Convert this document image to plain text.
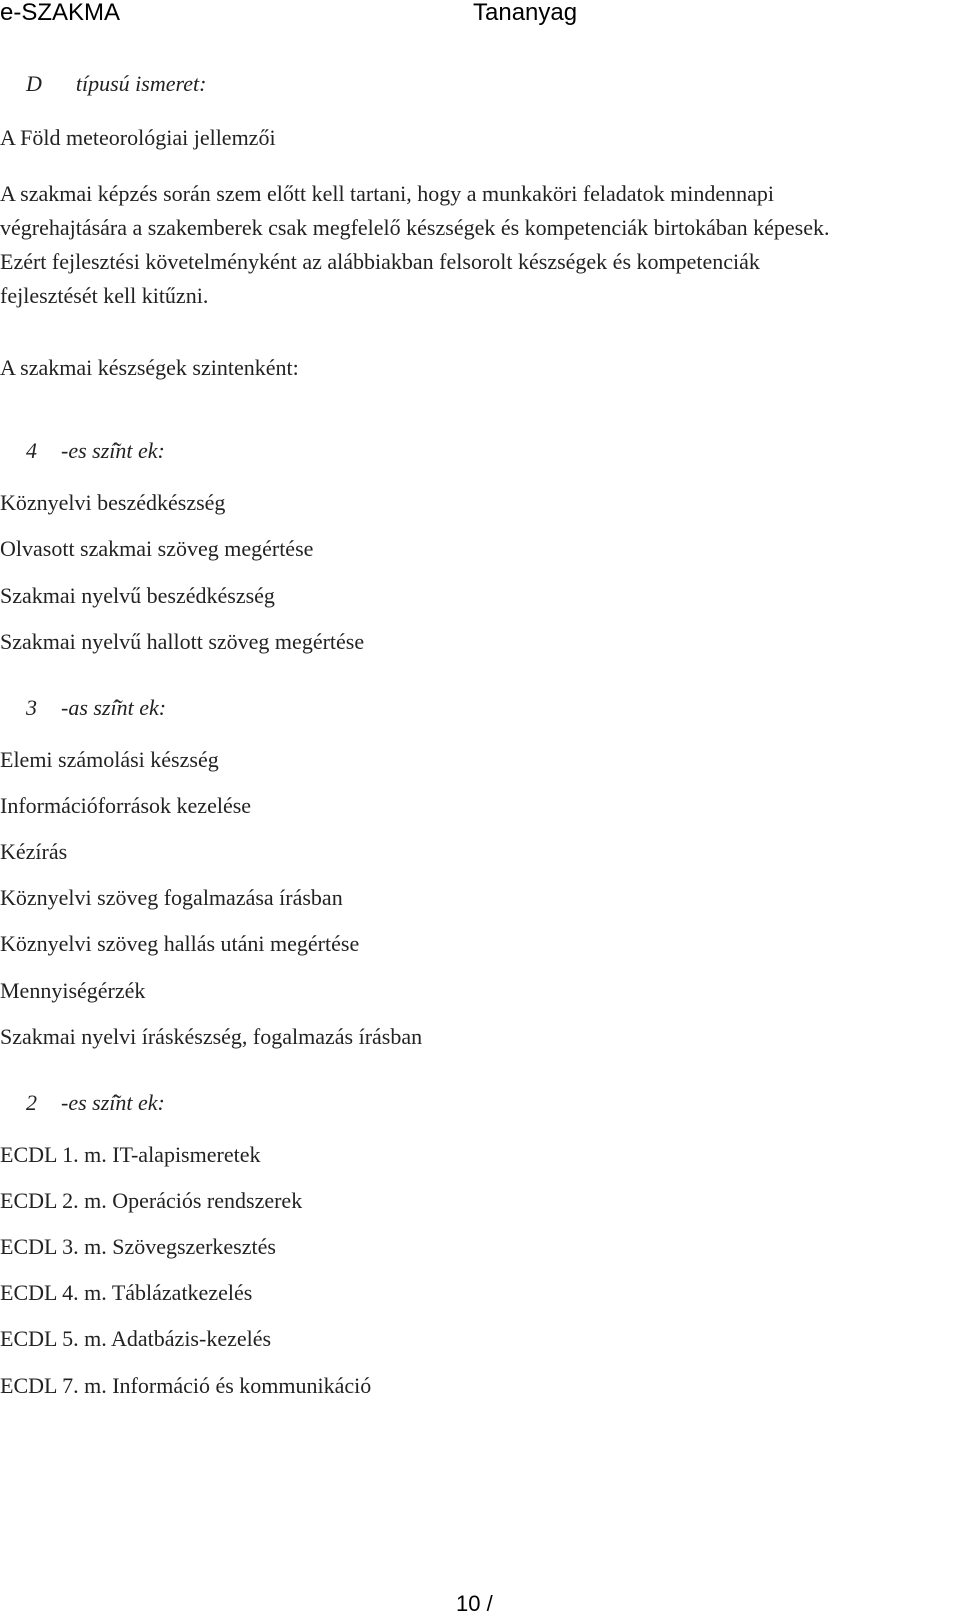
e-SZAKMA	Tananyag
D típusú ismeret:
A Föld meteorológiai jellemzői
A szakmai képzés során szem előtt kell tartani, hogy a munkaköri feladatok mindennapi
végrehajtására a szakemberek csak megfelelő készségek és kompetenciák birtokában képesek.
Ezért fejlesztési követelményként az alábbiakban felsorolt készségek és kompetenciák
fejlesztését kell kitűzni.
A szakmai készségek szintenként:
4 -es szí͂nt ek:
Köznyelvi beszédkészség
Olvasott szakmai szöveg megértése
Szakmai nyelvű beszédkészség
Szakmai nyelvű hallott szöveg megértése
3 -as szí͂nt ek:
Elemi számolási készség
Információforrások kezelése
Kézírás
Köznyelvi szöveg fogalmazása írásban
Köznyelvi szöveg hallás utáni megértése
Mennyiségérzék
Szakmai nyelvi íráskészség, fogalmazás írásban
2 -es szí͂nt ek:
ECDL 1. m. IT-alapismeretek
ECDL 2. m. Operációs rendszerek
ECDL 3. m. Szövegszerkesztés
ECDL 4. m. Táblázatkezelés
ECDL 5. m. Adatbázis-kezelés
ECDL 7. m. Információ és kommunikáció
10 /
